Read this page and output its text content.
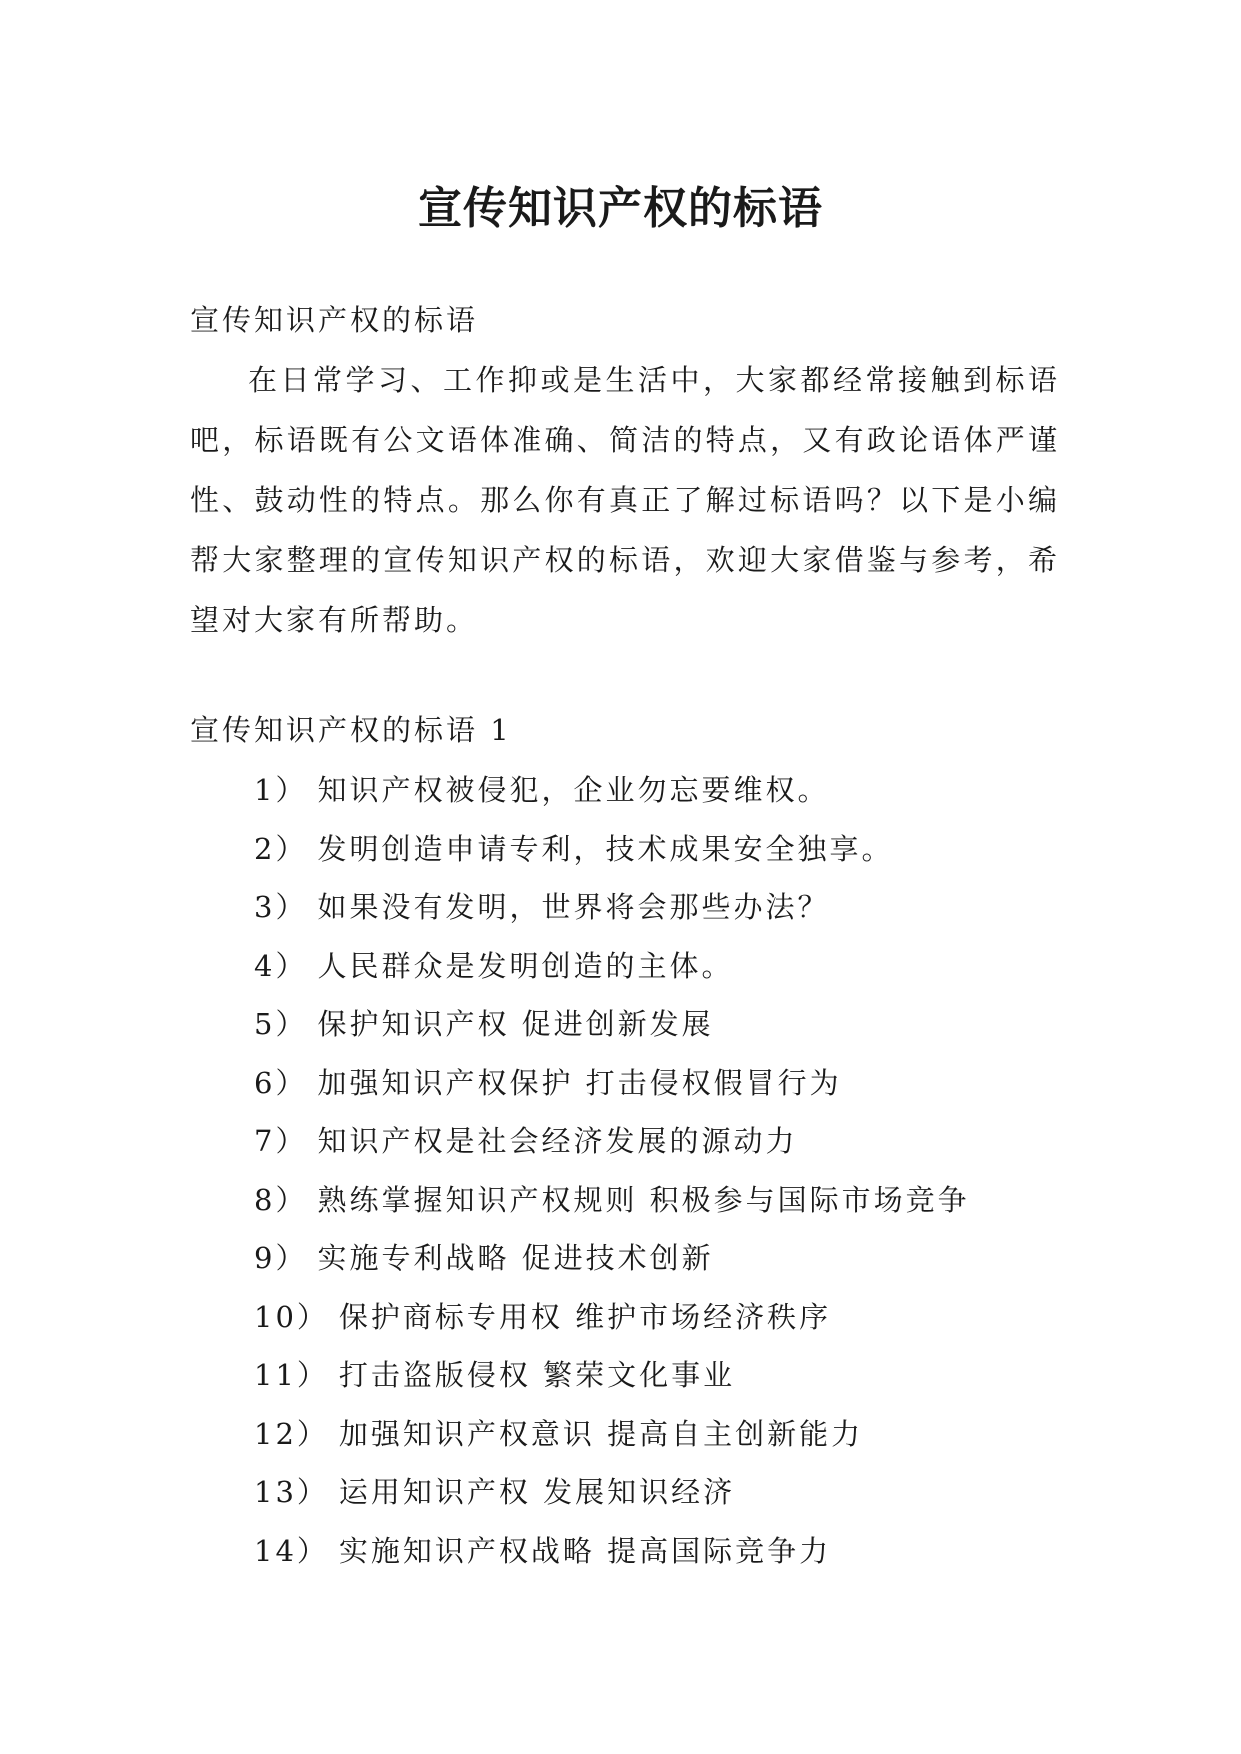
宣传知识产权的标语

宣传知识产权的标语

在日常学习、工作抑或是生活中，大家都经常接触到标语吧，标语既有公文语体准确、简洁的特点，又有政论语体严谨性、鼓动性的特点。那么你有真正了解过标语吗？以下是小编帮大家整理的宣传知识产权的标语，欢迎大家借鉴与参考，希望对大家有所帮助。

宣传知识产权的标语 1

1） 知识产权被侵犯，企业勿忘要维权。
2） 发明创造申请专利，技术成果安全独享。
3） 如果没有发明，世界将会那些办法？
4） 人民群众是发明创造的主体。
5） 保护知识产权 促进创新发展
6） 加强知识产权保护 打击侵权假冒行为
7） 知识产权是社会经济发展的源动力
8） 熟练掌握知识产权规则 积极参与国际市场竞争
9） 实施专利战略 促进技术创新
10） 保护商标专用权 维护市场经济秩序
11） 打击盗版侵权 繁荣文化事业
12） 加强知识产权意识 提高自主创新能力
13） 运用知识产权 发展知识经济
14） 实施知识产权战略 提高国际竞争力
